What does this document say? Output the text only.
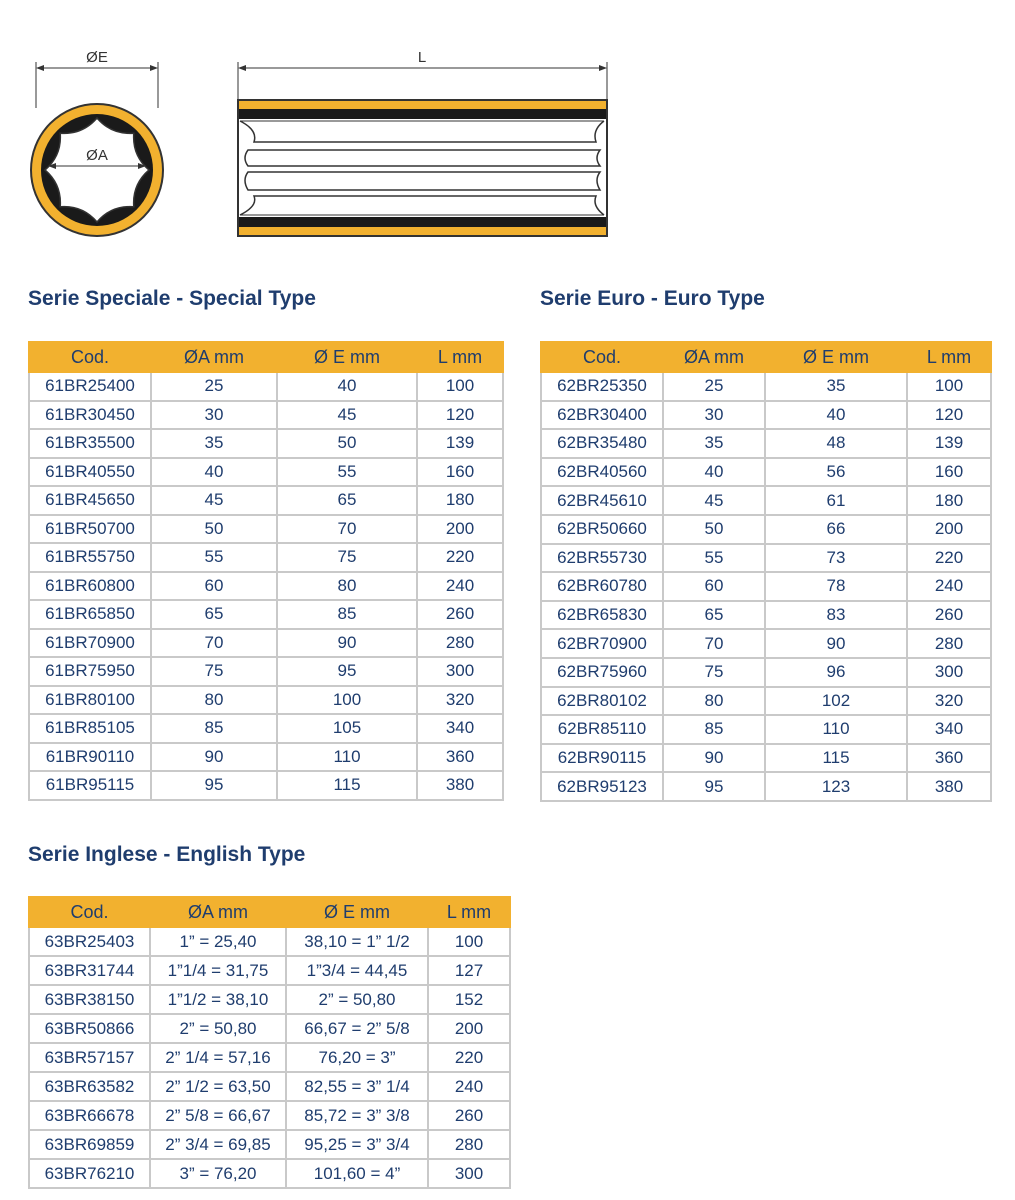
ØE
ØA
L
Serie Speciale - Special Type
Cod.	ØA mm	Ø E mm	L mm
61BR25400	25	40	100
61BR30450	30	45	120
61BR35500	35	50	139
61BR40550	40	55	160
61BR45650	45	65	180
61BR50700	50	70	200
61BR55750	55	75	220
61BR60800	60	80	240
61BR65850	65	85	260
61BR70900	70	90	280
61BR75950	75	95	300
61BR80100	80	100	320
61BR85105	85	105	340
61BR90110	90	110	360
61BR95115	95	115	380
Serie Euro - Euro Type
Cod.	ØA mm	Ø E mm	L mm
62BR25350	25	35	100
62BR30400	30	40	120
62BR35480	35	48	139
62BR40560	40	56	160
62BR45610	45	61	180
62BR50660	50	66	200
62BR55730	55	73	220
62BR60780	60	78	240
62BR65830	65	83	260
62BR70900	70	90	280
62BR75960	75	96	300
62BR80102	80	102	320
62BR85110	85	110	340
62BR90115	90	115	360
62BR95123	95	123	380
Serie Inglese - English Type
Cod.	ØA mm	Ø E mm	L mm
63BR25403	1” = 25,40	38,10 = 1” 1/2	100
63BR31744	1”1/4 = 31,75	1”3/4 = 44,45	127
63BR38150	1”1/2 = 38,10	2” = 50,80	152
63BR50866	2” = 50,80	66,67 = 2” 5/8	200
63BR57157	2” 1/4 = 57,16	76,20 = 3”	220
63BR63582	2” 1/2 = 63,50	82,55 = 3” 1/4	240
63BR66678	2” 5/8 = 66,67	85,72 = 3” 3/8	260
63BR69859	2” 3/4 = 69,85	95,25 = 3” 3/4	280
63BR76210	3” = 76,20	101,60 = 4”	300
